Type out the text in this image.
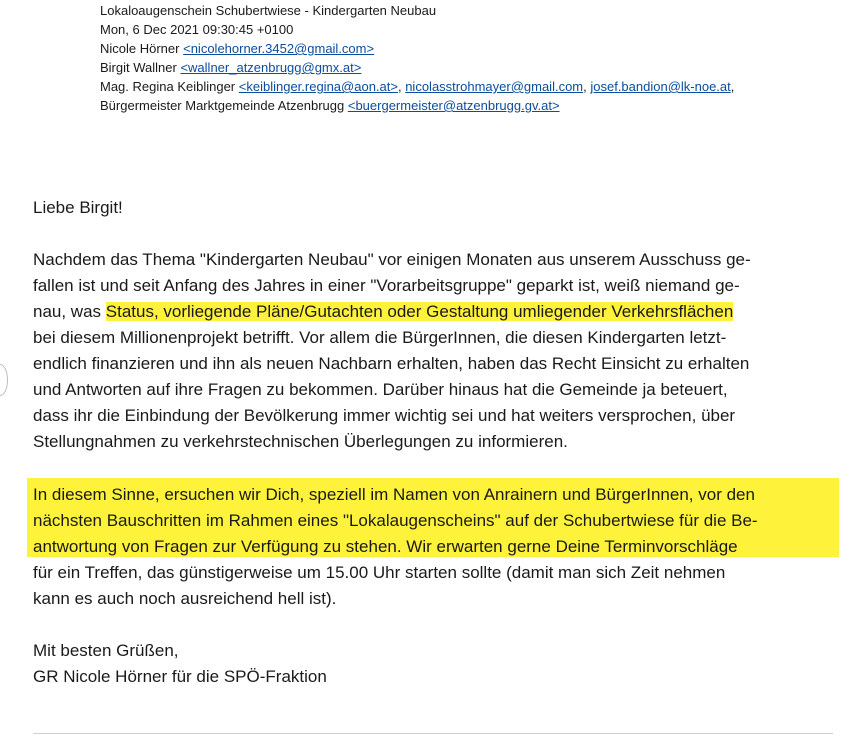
Lokaloaugenschein Schubertwiese - Kindergarten Neubau
Mon, 6 Dec 2021 09:30:45 +0100
Nicole Hörner <nicolehorner.3452@gmail.com>
Birgit Wallner <wallner_atzenbrugg@gmx.at>
Mag. Regina Keiblinger <keiblinger.regina@aon.at>, nicolasstrohmayer@gmail.com, josef.bandion@lk-noe.at,
Bürgermeister Marktgemeinde Atzenbrugg <buergermeister@atzenbrugg.gv.at>
Liebe Birgit!
Nachdem das Thema "Kindergarten Neubau" vor einigen Monaten aus unserem Ausschuss ge-
fallen ist und seit Anfang des Jahres in einer "Vorarbeitsgruppe" geparkt ist, weiß niemand ge-
nau, was Status, vorliegende Pläne/Gutachten oder Gestaltung umliegender Verkehrsflächen
bei diesem Millionenprojekt betrifft. Vor allem die BürgerInnen, die diesen Kindergarten letzt-
endlich finanzieren und ihn als neuen Nachbarn erhalten, haben das Recht Einsicht zu erhalten
und Antworten auf ihre Fragen zu bekommen. Darüber hinaus hat die Gemeinde ja beteuert,
dass ihr die Einbindung der Bevölkerung immer wichtig sei und hat weiters versprochen, über
Stellungnahmen zu verkehrstechnischen Überlegungen zu informieren.
In diesem Sinne, ersuchen wir Dich, speziell im Namen von Anrainern und BürgerInnen, vor den
nächsten Bauschritten im Rahmen eines "Lokalaugenscheins" auf der Schubertwiese für die Be-
antwortung von Fragen zur Verfügung zu stehen. Wir erwarten gerne Deine Terminvorschläge
für ein Treffen, das günstigerweise um 15.00 Uhr starten sollte (damit man sich Zeit nehmen
kann es auch noch ausreichend hell ist).
Mit besten Grüßen,
GR Nicole Hörner für die SPÖ-Fraktion
